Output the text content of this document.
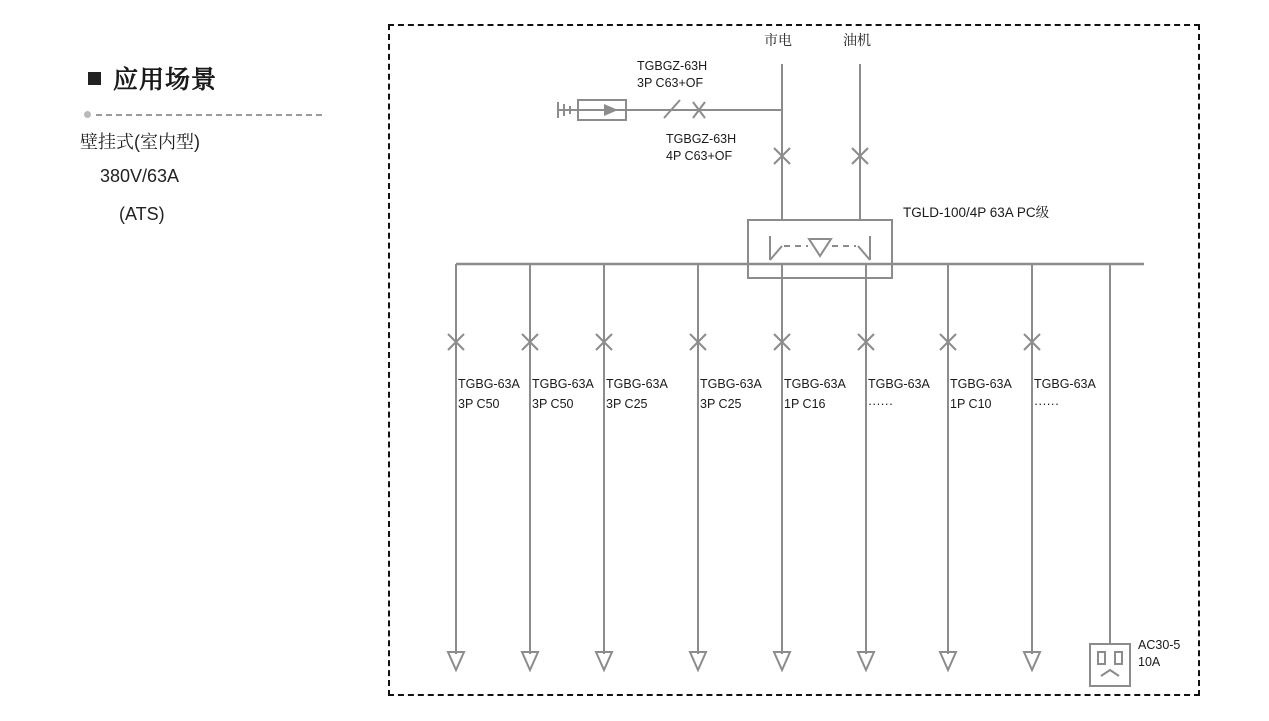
应用场景
壁挂式(室内型)
380V/63A
(ATS)
市电	油机
TGBGZ-63H
3P C63+OF
TGBGZ-63H
4P C63+OF
TGLD-100/4P 63A PC级
TGBG-63A
3P C50
TGBG-63A
3P C50
TGBG-63A
3P C25
TGBG-63A
3P C25
TGBG-63A
1P C16
TGBG-63A
······
TGBG-63A
1P C10
TGBG-63A
······
AC30-5
10A
